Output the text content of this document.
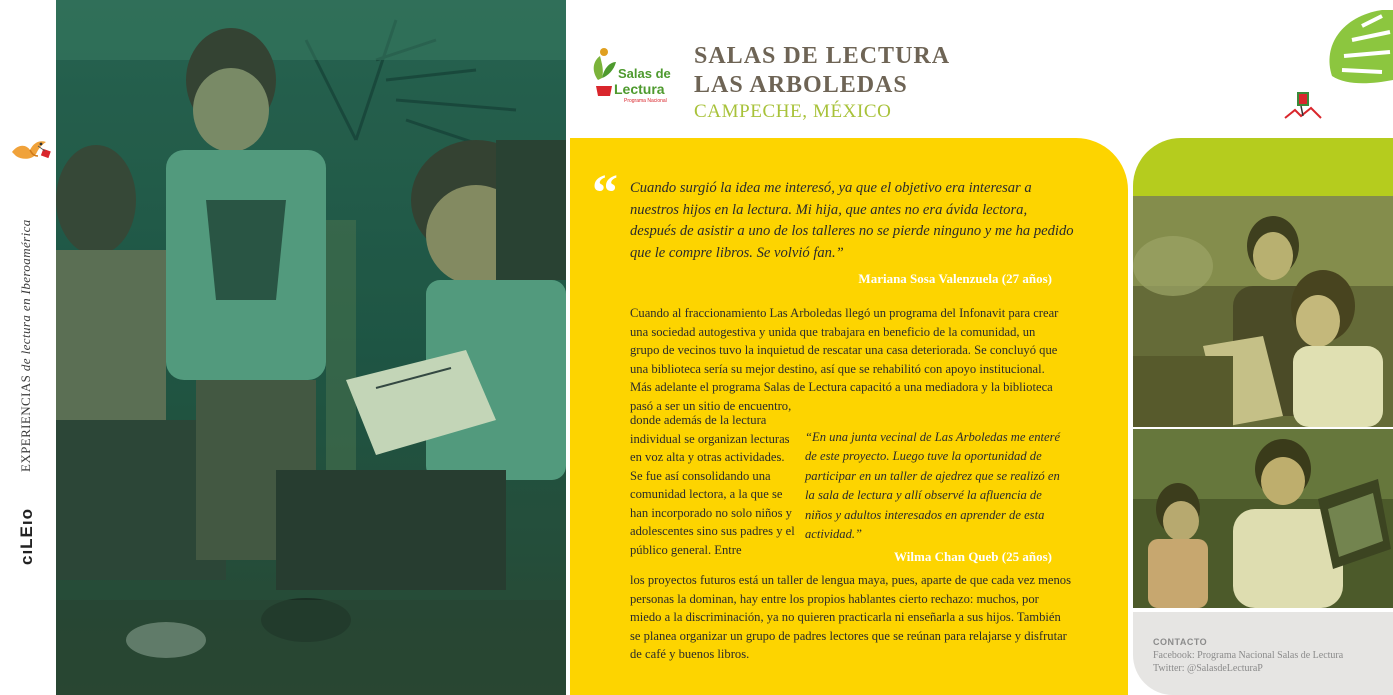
EXPERIENCIAS de lectura en Iberoamérica
cıLEıo
Salas de
Lectura
Programa Nacional
SALAS DE LECTURA
LAS ARBOLEDAS
CAMPECHE, MÉXICO
“ Cuando surgió la idea me interesó, ya que el objetivo era interesar a nuestros hijos en la lectura. Mi hija, que antes no era ávida lectora, después de asistir a uno de los talleres no se pierde ninguno y me ha pedido que le compre libros. Se volvió fan.”
Mariana Sosa Valenzuela (27 años)
Cuando al fraccionamiento Las Arboledas llegó un programa del Infonavit para crear una sociedad autogestiva y unida que trabajara en beneficio de la comunidad, un grupo de vecinos tuvo la inquietud de rescatar una casa deteriorada. Se concluyó que una biblioteca sería su mejor destino, así que se rehabilitó con apoyo institucional. Más adelante el programa Salas de Lectura capacitó a una mediadora y la biblioteca pasó a ser un sitio de encuentro,
donde además de la lectura individual se organizan lecturas en voz alta y otras actividades. Se fue así consolidando una comunidad lectora, a la que se han incorporado no solo niños y adolescentes sino sus padres y el público general. Entre
“En una junta vecinal de Las Arboledas me enteré de este proyecto. Luego tuve la oportunidad de participar en un taller de ajedrez que se realizó en la sala de lectura y allí observé la afluencia de niños y adultos interesados en aprender de esta actividad.”
Wilma Chan Queb (25 años)
los proyectos futuros está un taller de lengua maya, pues, aparte de que cada vez menos personas la dominan, hay entre los propios hablantes cierto rechazo: muchos, por miedo a la discriminación, ya no quieren practicarla ni enseñarla a sus hijos. También se planea organizar un grupo de padres lectores que se reúnan para relajarse y disfrutar de café y buenos libros.
CONTACTO
Facebook: Programa Nacional Salas de Lectura
Twitter: @SalasdeLecturaP
